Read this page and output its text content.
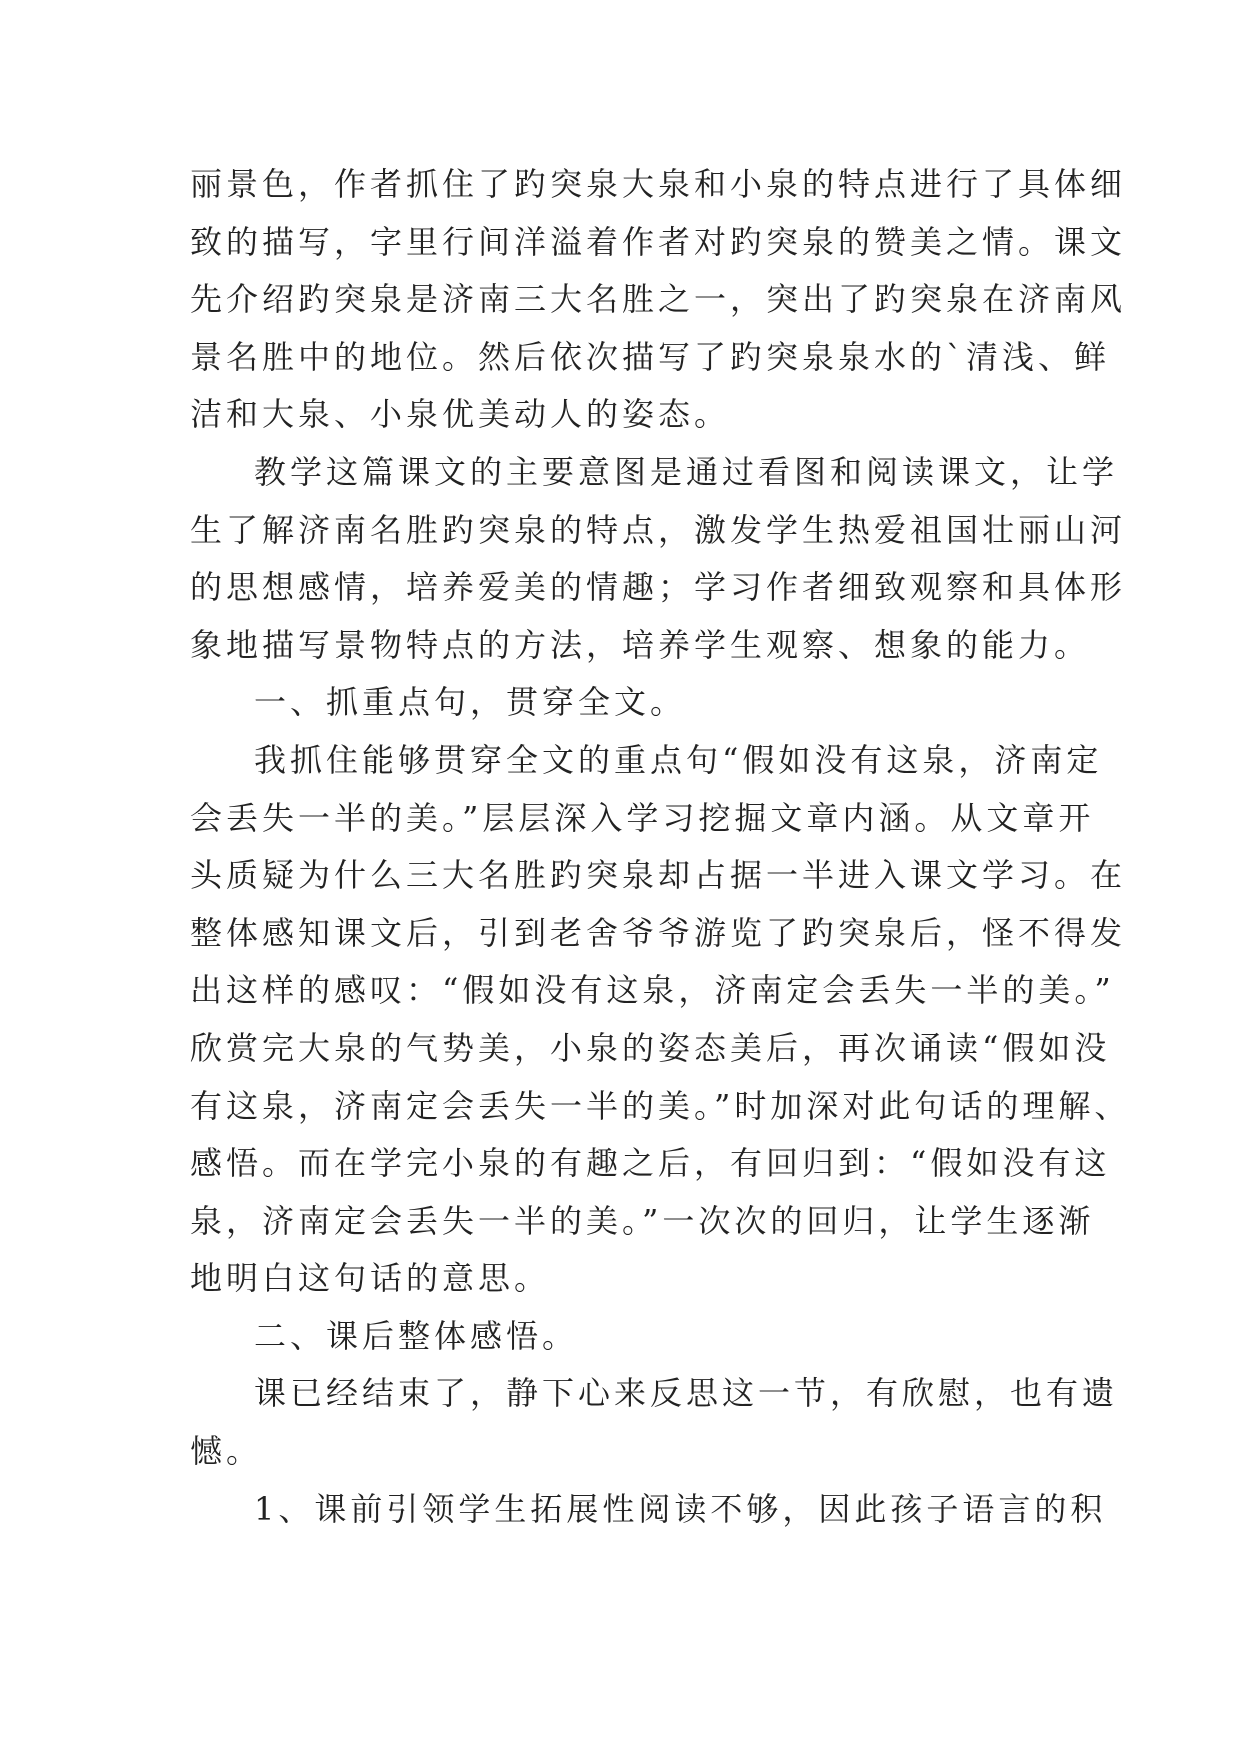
丽景色，作者抓住了趵突泉大泉和小泉的特点进行了具体细
致的描写，字里行间洋溢着作者对趵突泉的赞美之情。课文
先介绍趵突泉是济南三大名胜之一，突出了趵突泉在济南风
景名胜中的地位。然后依次描写了趵突泉泉水的`清浅、鲜
洁和大泉、小泉优美动人的姿态。
教学这篇课文的主要意图是通过看图和阅读课文，让学
生了解济南名胜趵突泉的特点，激发学生热爱祖国壮丽山河
的思想感情，培养爱美的情趣；学习作者细致观察和具体形
象地描写景物特点的方法，培养学生观察、想象的能力。
一、抓重点句，贯穿全文。
我抓住能够贯穿全文的重点句“假如没有这泉，济南定
会丢失一半的美。”层层深入学习挖掘文章内涵。从文章开
头质疑为什么三大名胜趵突泉却占据一半进入课文学习。在
整体感知课文后，引到老舍爷爷游览了趵突泉后，怪不得发
出这样的感叹：“假如没有这泉，济南定会丢失一半的美。”
欣赏完大泉的气势美，小泉的姿态美后，再次诵读“假如没
有这泉，济南定会丢失一半的美。”时加深对此句话的理解、
感悟。而在学完小泉的有趣之后，有回归到：“假如没有这
泉，济南定会丢失一半的美。”一次次的回归，让学生逐渐
地明白这句话的意思。
二、课后整体感悟。
课已经结束了，静下心来反思这一节，有欣慰，也有遗
憾。
1、课前引领学生拓展性阅读不够，因此孩子语言的积
